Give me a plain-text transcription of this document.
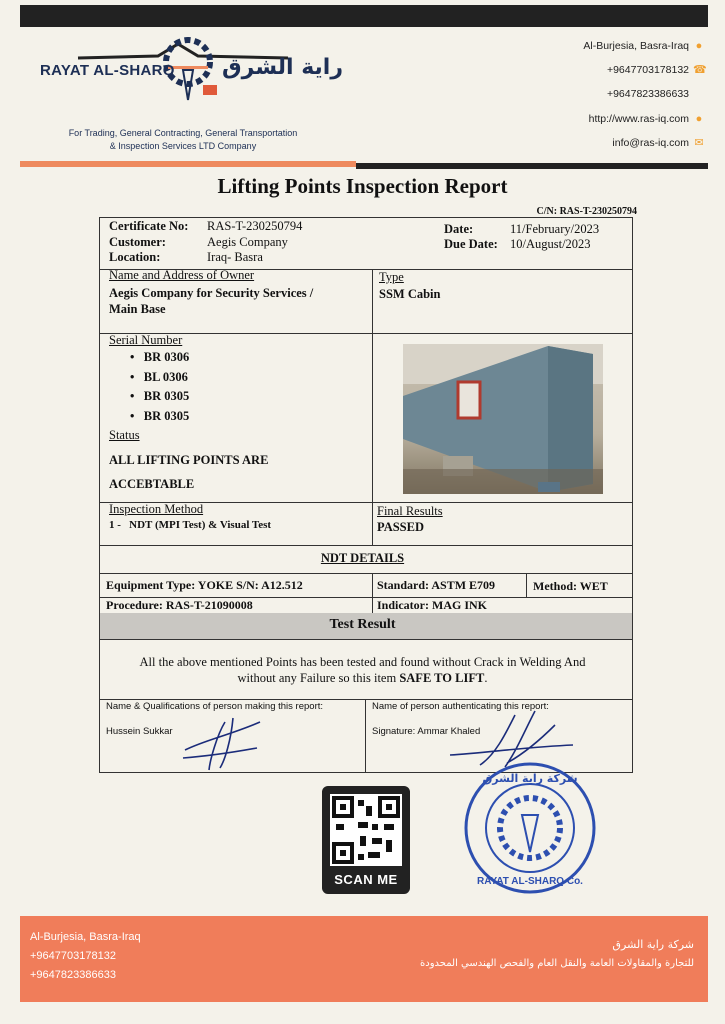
RAYAT AL-SHARQ راية الشرق
For Trading, General Contracting, General Transportation
& Inspection Services LTD Company
Al-Burjesia, Basra-Iraq ●
+9647703178132 ☎
+9647823386633
http://www.ras-iq.com ●
info@ras-iq.com ✉
Lifting Points Inspection Report
C/N: RAS-T-230250794
Certificate No: RAS-T-230250794
Customer:	Aegis Company
Location:	Iraq- Basra
Date:	11/February/2023
Due Date: 10/August/2023
Name and Address of Owner
Aegis Company for Security Services /
Main Base
Type
SSM Cabin
Serial Number
•   BR 0306
•   BL 0306
•   BR 0305
•   BR 0305
Status
ALL LIFTING POINTS ARE
ACCEBTABLE
Inspection Method
1 - NDT (MPI Test) & Visual Test
Final Results
PASSED
NDT DETAILS
Equipment Type: YOKE S/N: A12.512	Standard: ASTM E709	Method: WET
Procedure: RAS-T-21090008	Indicator: MAG INK
Test Result
All the above mentioned Points has been tested and found without Crack in Welding And
without any Failure so this item SAFE TO LIFT.
Name & Qualifications of person making this report:
Hussein Sukkar
Name of person authenticating this report:
Signature: Ammar Khaled
شركة راية الشرق
RAYAT AL-SHARQ Co.
SCAN ME
Al-Burjesia, Basra-Iraq
+9647703178132
+9647823386633
شركة راية الشرق
للتجارة والمقاولات العامة والنقل العام والفحص الهندسي المحدودة
